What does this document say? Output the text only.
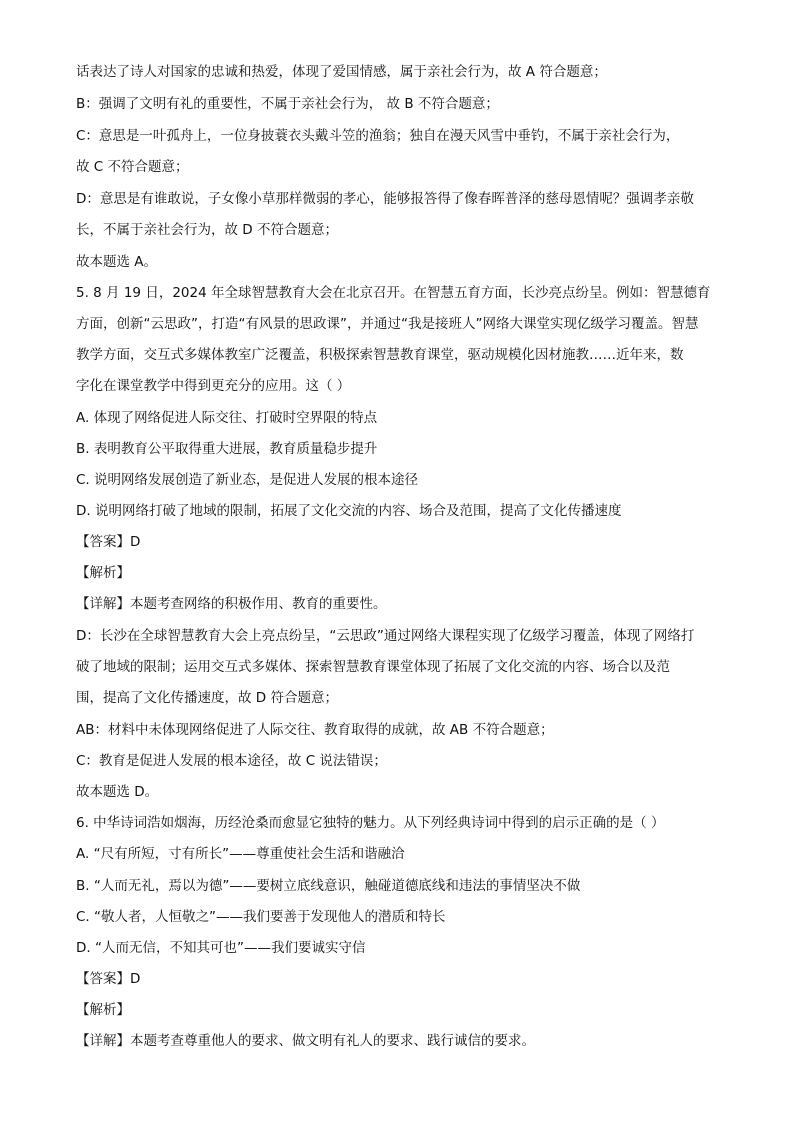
话表达了诗人对国家的忠诚和热爱，体现了爱国情感，属于亲社会行为，故 A 符合题意；
B：强调了文明有礼的重要性，不属于亲社会行为， 故 B 不符合题意；
C：意思是一叶孤舟上，一位身披蓑衣头戴斗笠的渔翁；独自在漫天风雪中垂钓，不属于亲社会行为，
故 C 不符合题意；
D：意思是有谁敢说，子女像小草那样微弱的孝心，能够报答得了像春晖普泽的慈母恩情呢？强调孝亲敬
长，不属于亲社会行为，故 D 不符合题意；
故本题选 A。
5. 8 月 19 日，2024 年全球智慧教育大会在北京召开。在智慧五育方面，长沙亮点纷呈。例如：智慧德育
方面，创新“云思政”，打造“有风景的思政课”，并通过“我是接班人”网络大课堂实现亿级学习覆盖。智慧
教学方面，交互式多媒体教室广泛覆盖，积极探索智慧教育课堂，驱动规模化因材施教……近年来，数
字化在课堂教学中得到更充分的应用。这（ ）
A. 体现了网络促进人际交往、打破时空界限的特点
B. 表明教育公平取得重大进展，教育质量稳步提升
C. 说明网络发展创造了新业态，是促进人发展的根本途径
D. 说明网络打破了地域的限制，拓展了文化交流的内容、场合及范围，提高了文化传播速度
【答案】D
【解析】
【详解】本题考查网络的积极作用、教育的重要性。
D：长沙在全球智慧教育大会上亮点纷呈，“云思政”通过网络大课程实现了亿级学习覆盖，体现了网络打
破了地域的限制；运用交互式多媒体、探索智慧教育课堂体现了拓展了文化交流的内容、场合以及范
围，提高了文化传播速度，故 D 符合题意；
AB：材料中未体现网络促进了人际交往、教育取得的成就，故 AB 不符合题意；
C：教育是促进人发展的根本途径，故 C 说法错误；
故本题选 D。
6. 中华诗词浩如烟海，历经沧桑而愈显它独特的魅力。从下列经典诗词中得到的启示正确的是（ ）
A. “尺有所短，寸有所长”——尊重使社会生活和谐融洽
B. “人而无礼，焉以为德”——要树立底线意识，触碰道德底线和违法的事情坚决不做
C. “敬人者，人恒敬之”——我们要善于发现他人的潜质和特长
D. “人而无信，不知其可也”——我们要诚实守信
【答案】D
【解析】
【详解】本题考查尊重他人的要求、做文明有礼人的要求、践行诚信的要求。
